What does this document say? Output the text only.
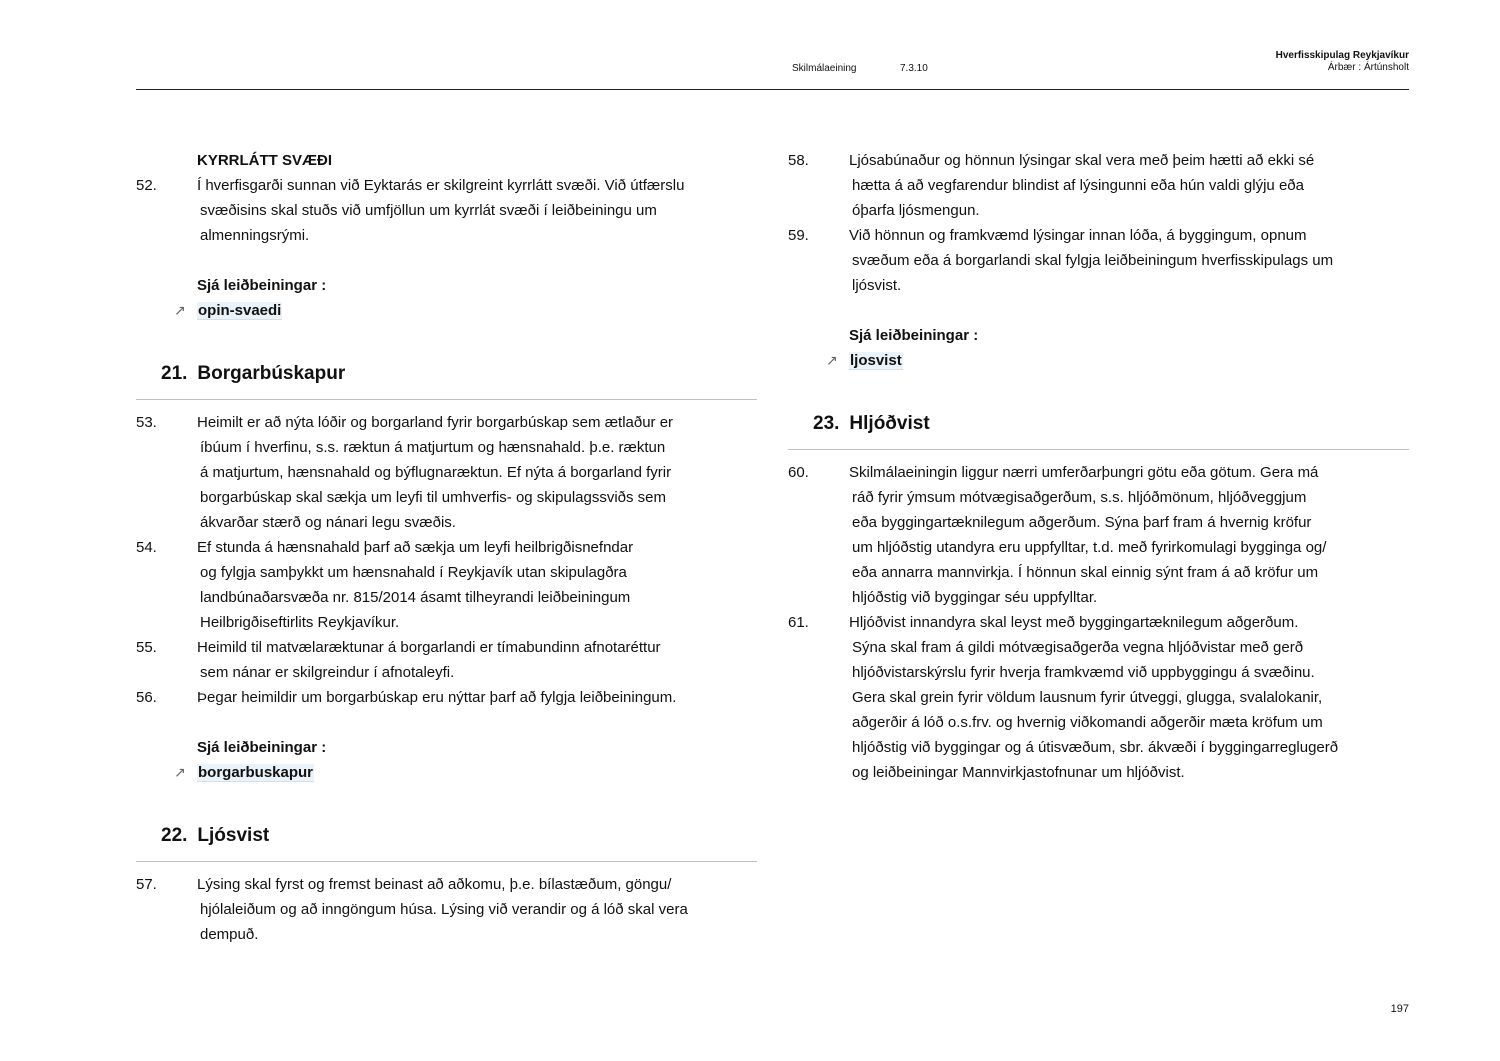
Skilmálaeining	7.3.10
Hverfisskipulag Reykjavíkur
Árbær : Ártúnsholt
KYRRLÁTT SVÆÐI
52.	Í hverfisgarði sunnan við Eyktarás er skilgreint kyrrlátt svæði. Við útfærslu
svæðisins skal stuðs við umfjöllun um kyrrlát svæði í leiðbeiningu um
almenningsrými.
Sjá leiðbeiningar :
↗ opin-svaedi
21. Borgarbúskapur
53.	Heimilt er að nýta lóðir og borgarland fyrir borgarbúskap sem ætlaður er
íbúum í hverfinu, s.s. ræktun á matjurtum og hænsnahald. þ.e. ræktun
á matjurtum, hænsnahald og býflugnaræktun. Ef nýta á borgarland fyrir
borgarbúskap skal sækja um leyfi til umhverfis- og skipulagssviðs sem
ákvarðar stærð og nánari legu svæðis.
54.	Ef stunda á hænsnahald þarf að sækja um leyfi heilbrigðisnefndar
og fylgja samþykkt um hænsnahald í Reykjavík utan skipulagðra
landbúnaðarsvæða nr. 815/2014 ásamt tilheyrandi leiðbeiningum
Heilbrigðiseftirlits Reykjavíkur.
55.	Heimild til matvælaræktunar á borgarlandi er tímabundinn afnotaréttur
sem nánar er skilgreindur í afnotaleyfi.
56.	Þegar heimildir um borgarbúskap eru nýttar þarf að fylgja leiðbeiningum.
Sjá leiðbeiningar :
↗ borgarbuskapur
22. Ljósvist
57.	Lýsing skal fyrst og fremst beinast að aðkomu, þ.e. bílastæðum, göngu/
hjólaleiðum og að inngöngum húsa. Lýsing við verandir og á lóð skal vera
dempuð.
58.	Ljósabúnaður og hönnun lýsingar skal vera með þeim hætti að ekki sé
hætta á að vegfarendur blindist af lýsingunni eða hún valdi glýju eða
óþarfa ljósmengun.
59.	Við hönnun og framkvæmd lýsingar innan lóða, á byggingum, opnum
svæðum eða á borgarlandi skal fylgja leiðbeiningum hverfisskipulags um
ljósvist.
Sjá leiðbeiningar :
↗ ljosvist
23. Hljóðvist
60.	Skilmálaeiningin liggur nærri umferðarþungri götu eða götum. Gera má
ráð fyrir ýmsum mótvægisaðgerðum, s.s. hljóðmönum, hljóðveggjum
eða byggingartæknilegum aðgerðum. Sýna þarf fram á hvernig kröfur
um hljóðstig utandyra eru uppfylltar, t.d. með fyrirkomulagi bygginga og/
eða annarra mannvirkja. Í hönnun skal einnig sýnt fram á að kröfur um
hljóðstig við byggingar séu uppfylltar.
61.	Hljóðvist innandyra skal leyst með byggingartæknilegum aðgerðum.
Sýna skal fram á gildi mótvægisaðgerða vegna hljóðvistar með gerð
hljóðvistarskýrslu fyrir hverja framkvæmd við uppbyggingu á svæðinu.
Gera skal grein fyrir völdum lausnum fyrir útveggi, glugga, svalalokanir,
aðgerðir á lóð o.s.frv. og hvernig viðkomandi aðgerðir mæta kröfum um
hljóðstig við byggingar og á útisvæðum, sbr. ákvæði í byggingarreglugerð
og leiðbeiningar Mannvirkjastofnunar um hljóðvist.
197
